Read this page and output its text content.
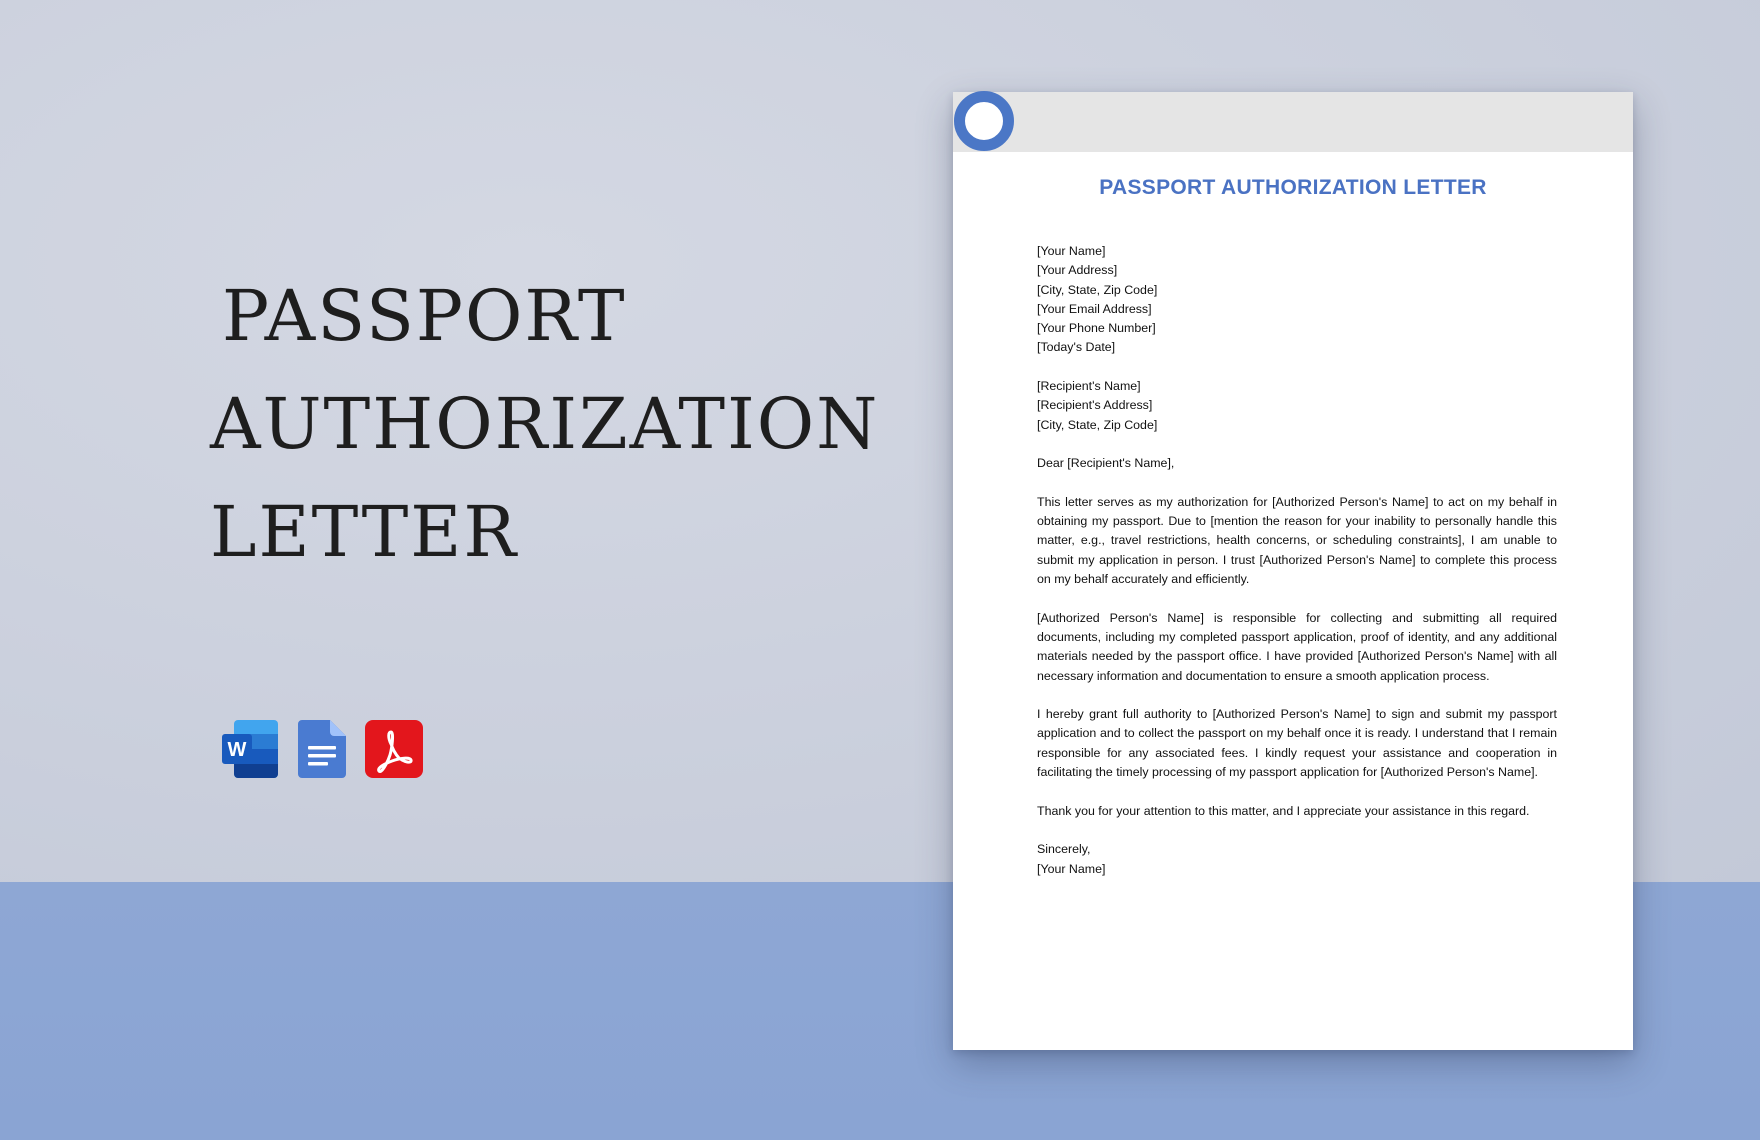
PASSPORT
AUTHORIZATION
LETTER
W
PASSPORT AUTHORIZATION LETTER
[Your Name]
[Your Address]
[City, State, Zip Code]
[Your Email Address]
[Your Phone Number]
[Today's Date]
[Recipient's Name]
[Recipient's Address]
[City, State, Zip Code]

Dear [Recipient's Name],

This letter serves as my authorization for [Authorized Person's Name] to act on my behalf in obtaining my passport. Due to [mention the reason for your inability to personally handle this matter, e.g., travel restrictions, health concerns, or scheduling constraints], I am unable to submit my application in person. I trust [Authorized Person's Name] to complete this process on my behalf accurately and efficiently.

[Authorized Person's Name] is responsible for collecting and submitting all required documents, including my completed passport application, proof of identity, and any additional materials needed by the passport office. I have provided [Authorized Person's Name] with all necessary information and documentation to ensure a smooth application process.

I hereby grant full authority to [Authorized Person's Name] to sign and submit my passport application and to collect the passport on my behalf once it is ready. I understand that I remain responsible for any associated fees. I kindly request your assistance and cooperation in facilitating the timely processing of my passport application for [Authorized Person's Name].

Thank you for your attention to this matter, and I appreciate your assistance in this regard.

Sincerely,
[Your Name]
